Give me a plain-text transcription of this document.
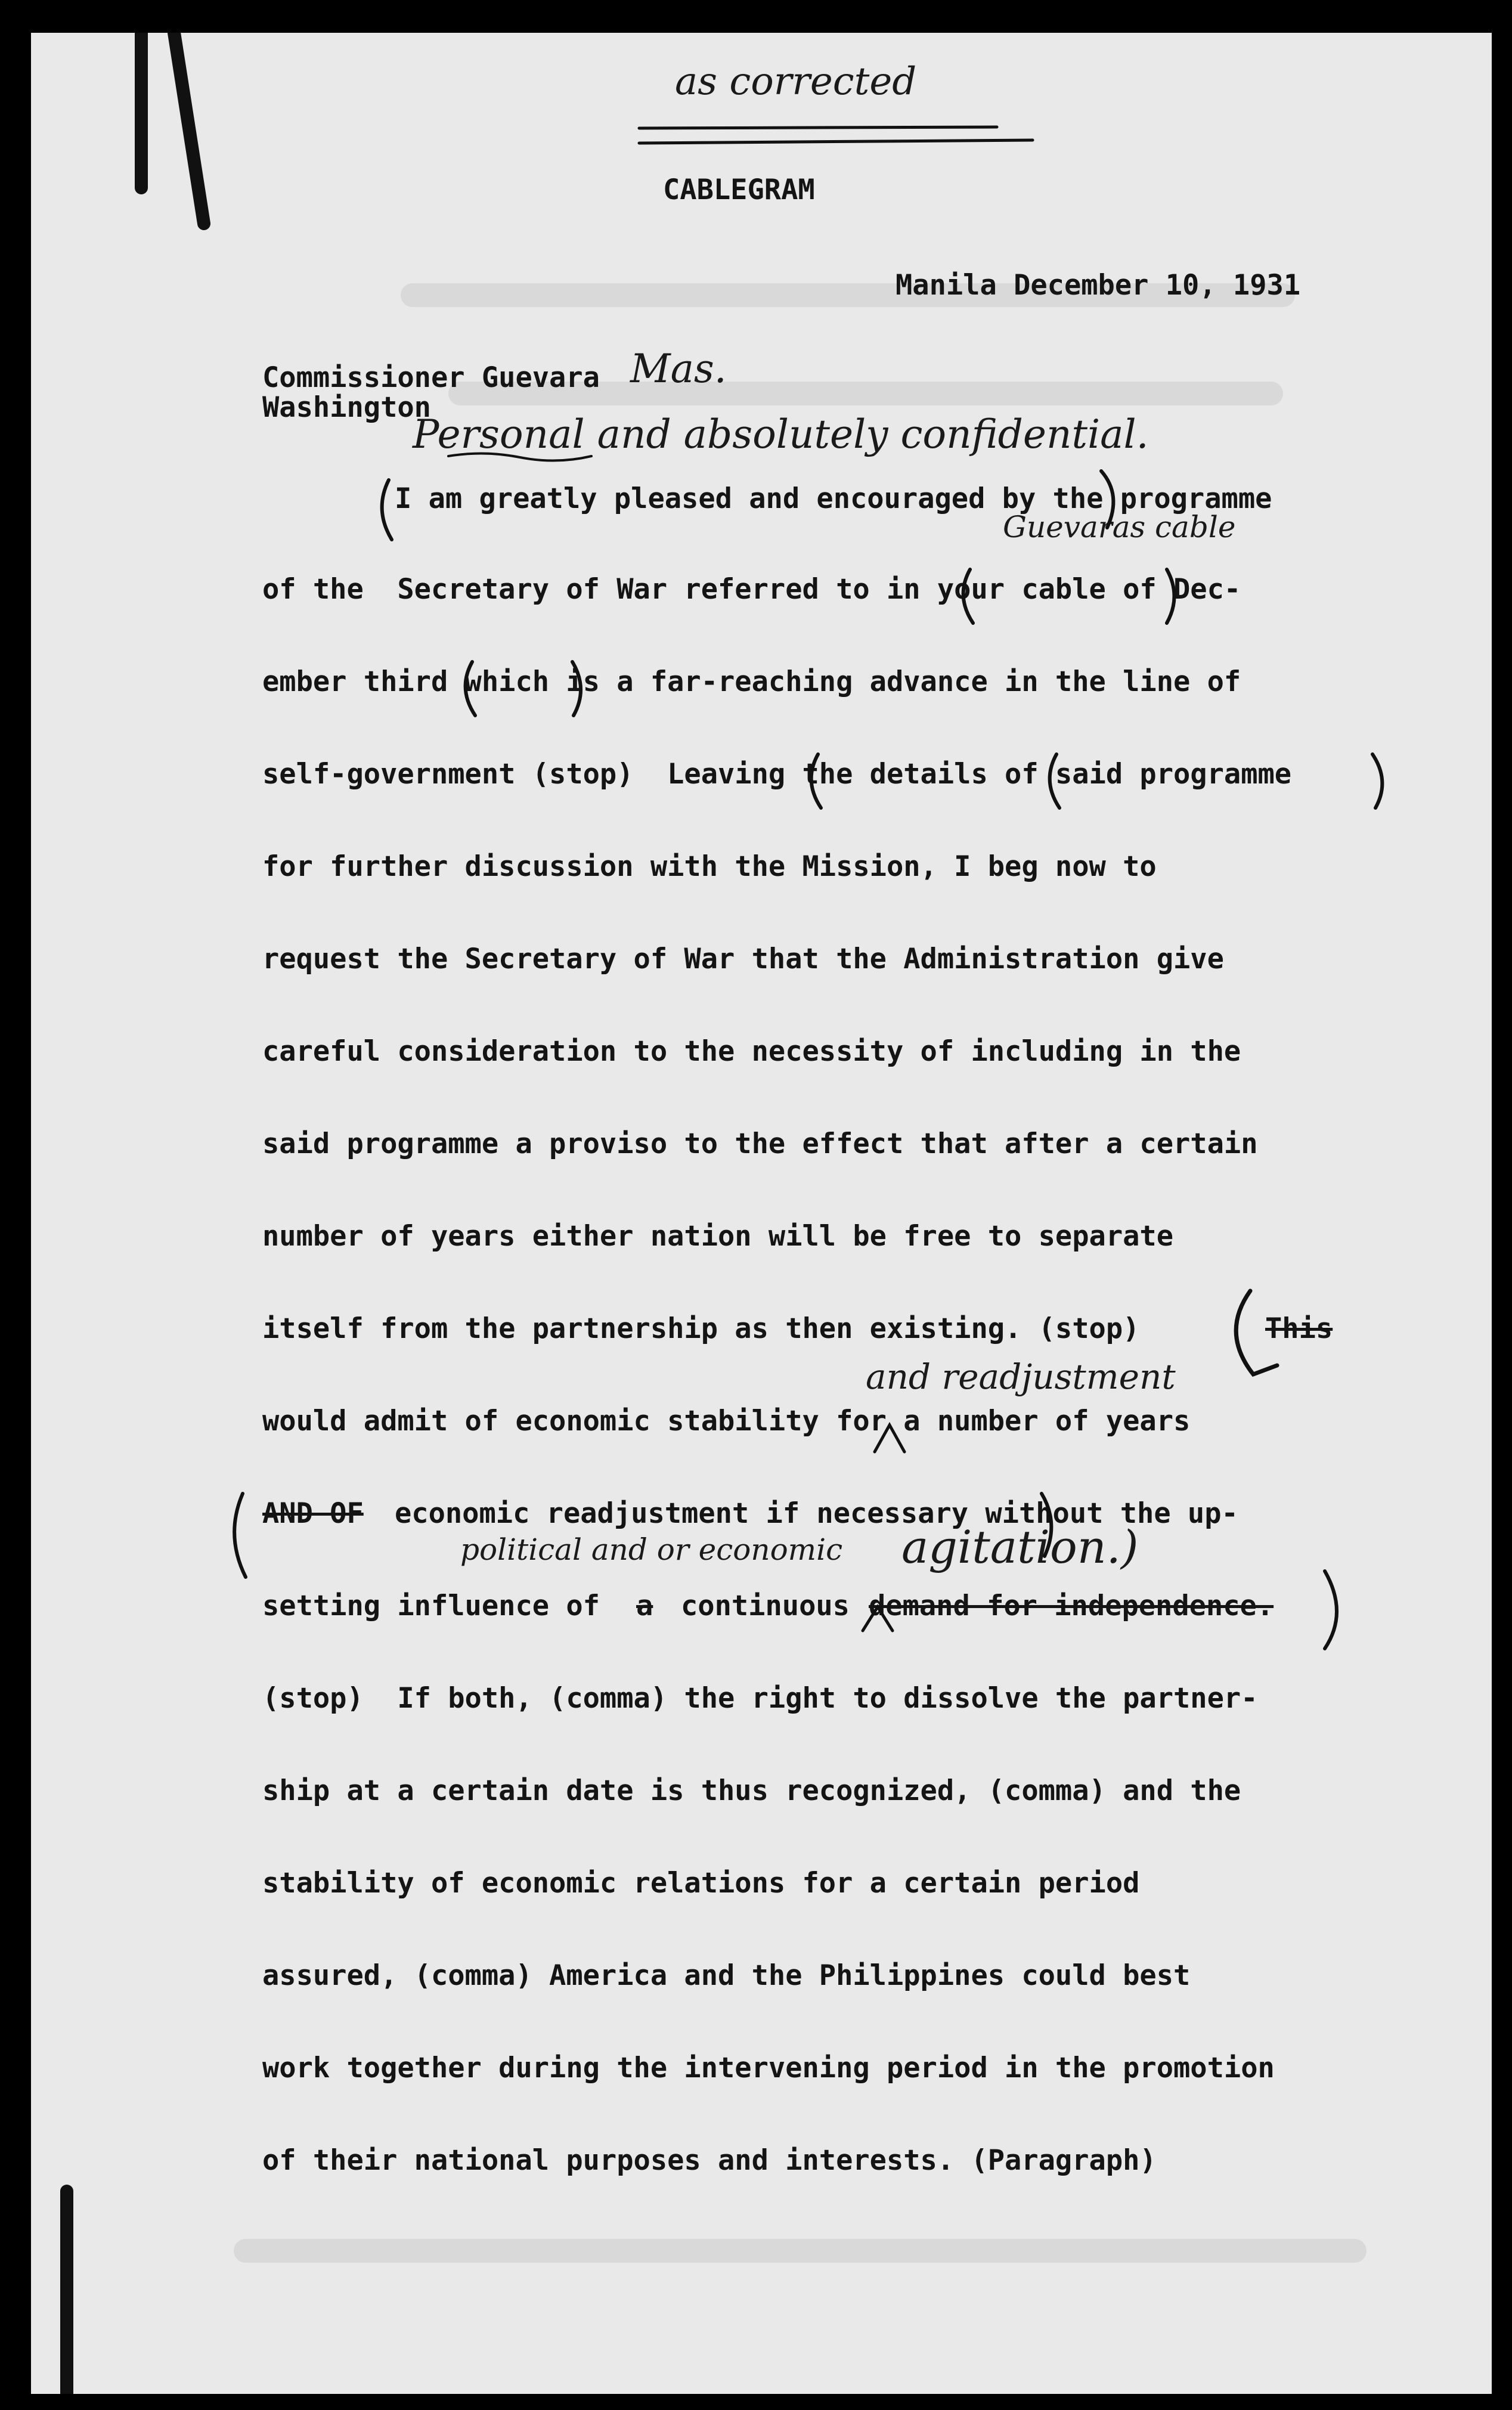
as corrected
CABLEGRAM
Manila December 10, 1931
Commissioner Guevara Mas.
Washington
Personal and absolutely confidential.
I am greatly pleased and encouraged by the programme
Guevaras cable
of the  Secretary of War referred to in your cable of Dec-
ember third which is a far-reaching advance in the line of
self-government (stop)  Leaving the details of said programme
for further discussion with the Mission, I beg now to
request the Secretary of War that the Administration give
careful consideration to the necessity of including in the
said programme a proviso to the effect that after a certain
number of years either nation will be free to separate
itself from the partnership as then existing. (stop)	This
and readjustment
would admit of economic stability for a number of years
AND OF economic readjustment if necessary without the up-
political and or economic agitation.)
setting influence of a continuous demand for independence.
(stop)  If both, (comma) the right to dissolve the partner-
ship at a certain date is thus recognized, (comma) and the
stability of economic relations for a certain period
assured, (comma) America and the Philippines could best
work together during the intervening period in the promotion
of their national purposes and interests. (Paragraph)
